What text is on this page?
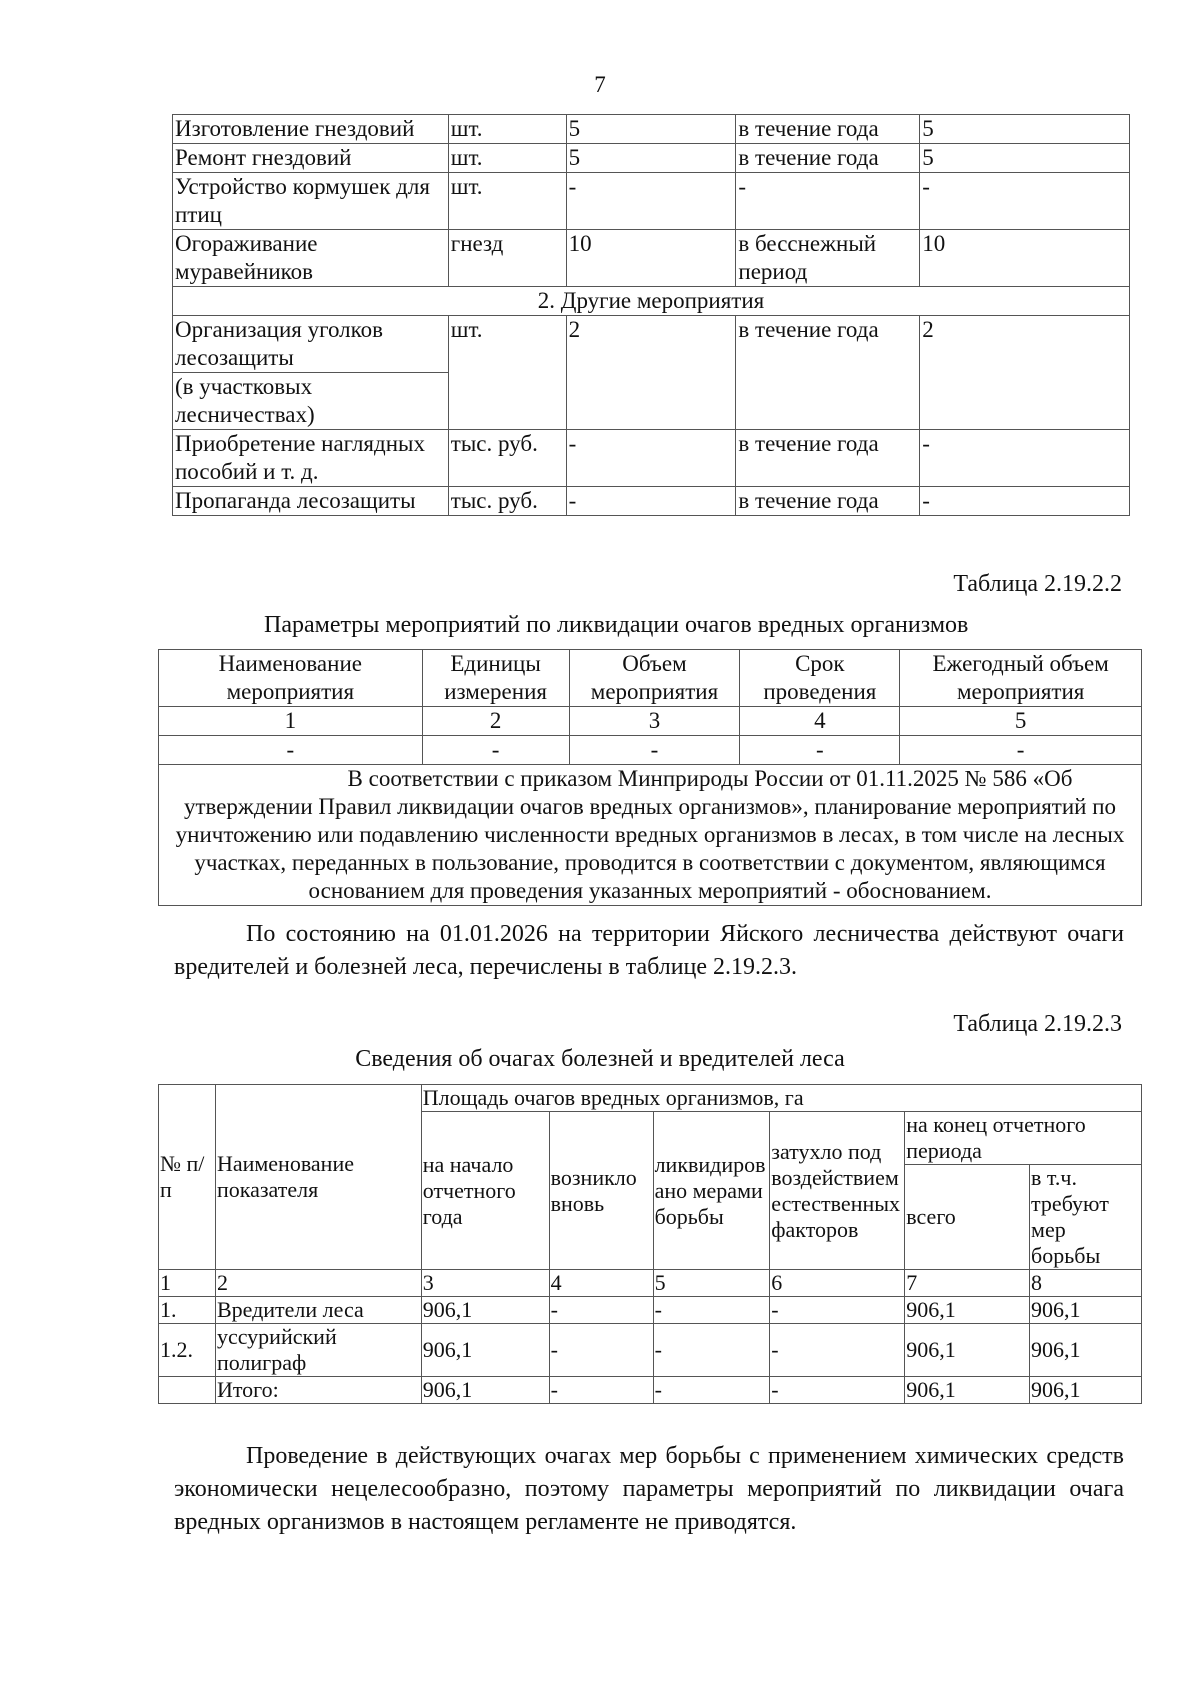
7
Изготовление гнездовий	шт.	5	в течение года	5
Ремонт гнездовий	шт.	5	в течение года	5
Устройство кормушек для птиц	шт.	-	-	-
Огораживание муравейников	гнезд	10	в бесснежный период	10
2. Другие мероприятия				
Организация уголков лесозащиты	шт.	2	в течение года	2
(в участковых лесничествах)				
Приобретение наглядных пособий и т. д.	тыс. руб.	-	в течение года	-
Пропаганда лесозащиты	тыс. руб.	-	в течение года	-
Таблица 2.19.2.2
Параметры мероприятий по ликвидации очагов вредных организмов
Наименование мероприятия	Единицы измерения	Объем мероприятия	Срок проведения	Ежегодный объем мероприятия
1	2	3	4	5
-	-	-	-	-
В соответствии с приказом Минприроды России от 01.11.2025 № 586 «Об утверждении Правил ликвидации очагов вредных организмов», планирование мероприятий по уничтожению или подавлению численности вредных организмов в лесах, в том числе на лесных участках, переданных в пользование, проводится в соответствии с документом, являющимся основанием для проведения указанных мероприятий - обоснованием.				
По состоянию на 01.01.2026 на территории Яйского лесничества действуют очаги вредителей и болезней леса, перечислены в таблице 2.19.2.3.
Таблица 2.19.2.3
Сведения об очагах болезней и вредителей леса
№ п/п	Наименование показателя	Площадь очагов вредных организмов, га					
		на начало отчетного года	возникло вновь	ликвидировано мерами борьбы	затухло под воздействием естественных факторов	на конец отчетного периода	
						всего	в т.ч. требуют мер борьбы
1	2	3	4	5	6	7	8
1.	Вредители леса	906,1	-	-	-	906,1	906,1
1.2.	уссурийский полиграф	906,1	-	-	-	906,1	906,1
	Итого:	906,1	-	-	-	906,1	906,1
Проведение в действующих очагах мер борьбы с применением химических средств экономически нецелесообразно, поэтому параметры мероприятий по ликвидации очага вредных организмов в настоящем регламенте не приводятся.
